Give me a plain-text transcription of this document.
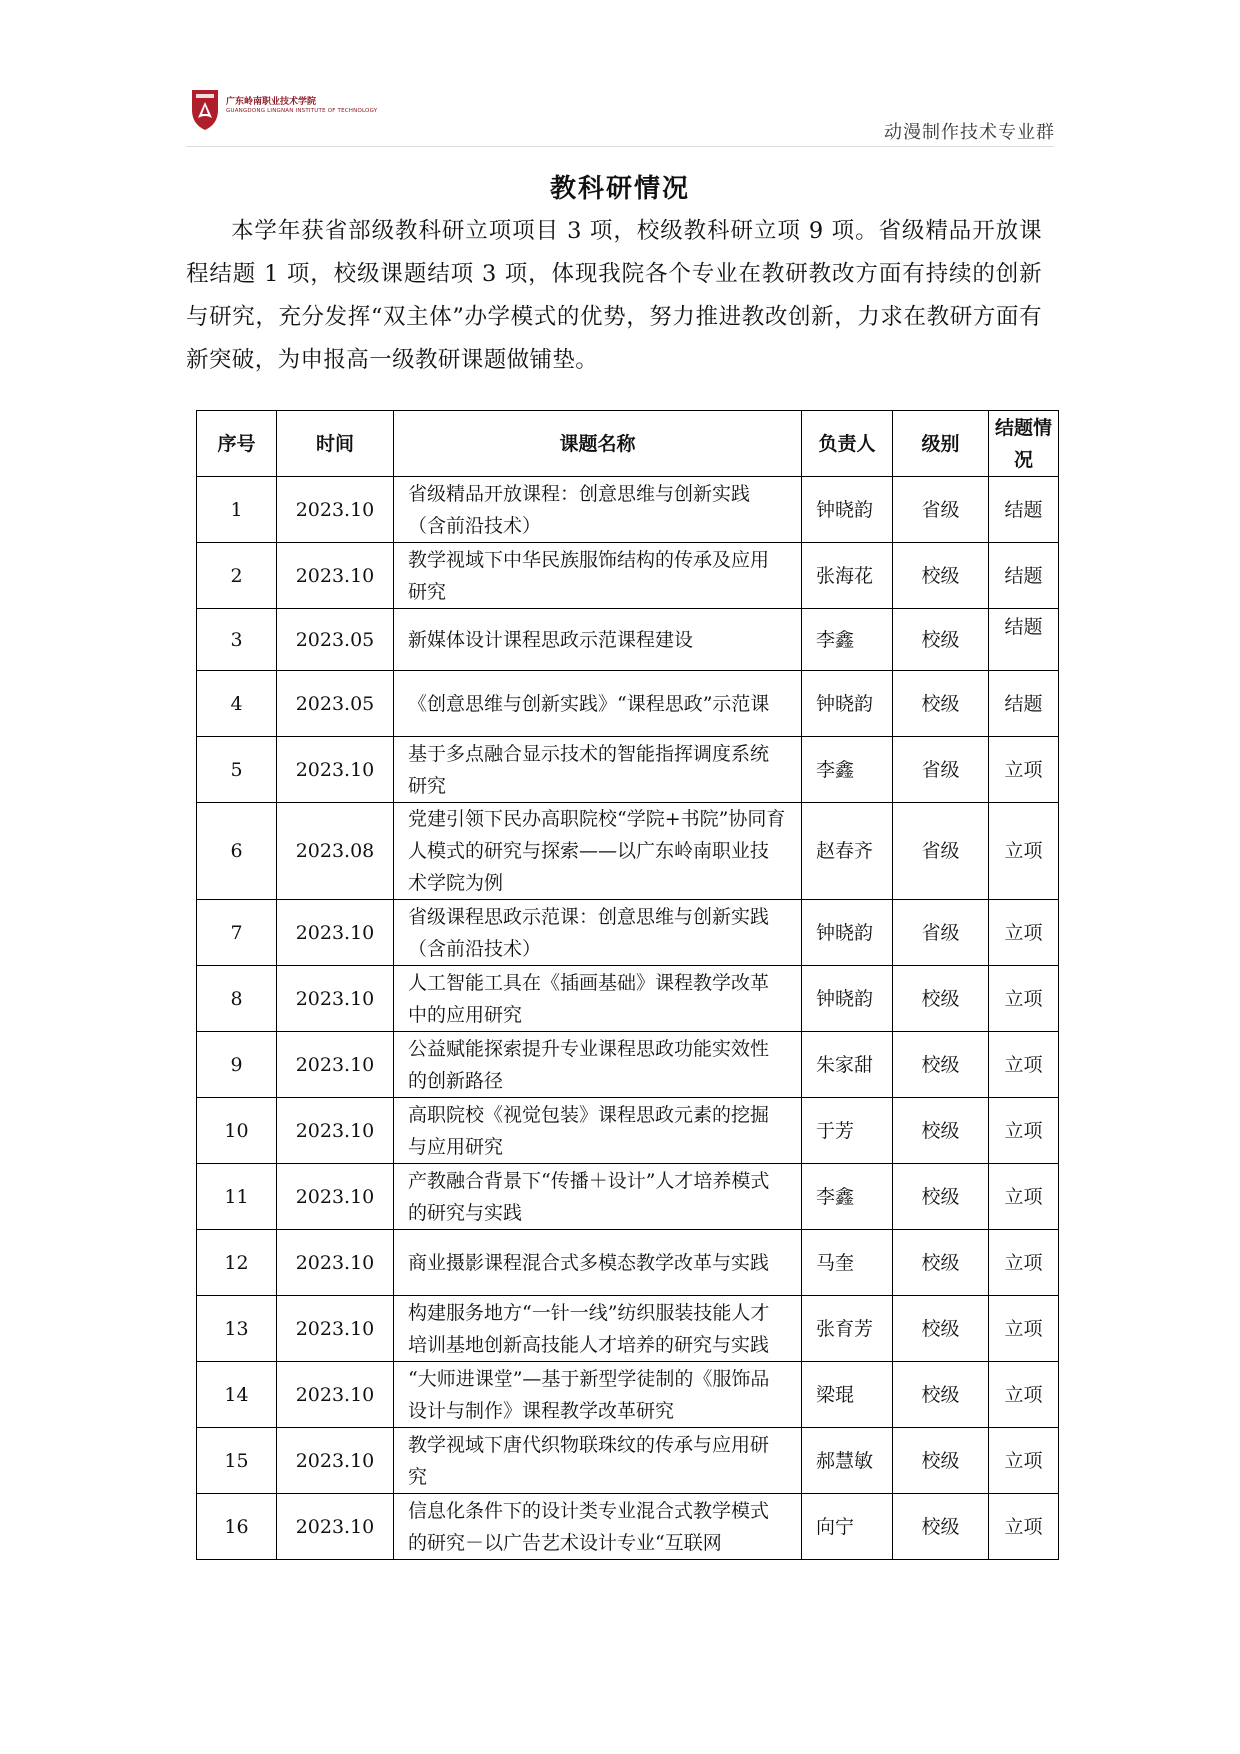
广东岭南职业技术学院
GUANGDONG LINGNAN INSTITUTE OF TECHNOLOGY
动漫制作技术专业群
教科研情况

本学年获省部级教科研立项项目 3 项，校级教科研立项 9 项。省级精品开放课程结题 1 项，校级课题结项 3 项，体现我院各个专业在教研教改方面有持续的创新与研究，充分发挥“双主体”办学模式的优势，努力推进教改创新，力求在教研方面有新突破，为申报高一级教研课题做铺垫。

序号	时间	课题名称	负责人	级别	结题情况
1	2023.10	省级精品开放课程：创意思维与创新实践（含前沿技术）	钟晓韵	省级	结题
2	2023.10	教学视域下中华民族服饰结构的传承及应用研究	张海花	校级	结题
3	2023.05	新媒体设计课程思政示范课程建设	李鑫	校级	结题
4	2023.05	《创意思维与创新实践》“课程思政”示范课	钟晓韵	校级	结题
5	2023.10	基于多点融合显示技术的智能指挥调度系统研究	李鑫	省级	立项
6	2023.08	党建引领下民办高职院校“学院+书院”协同育人模式的研究与探索——以广东岭南职业技术学院为例	赵春齐	省级	立项
7	2023.10	省级课程思政示范课：创意思维与创新实践（含前沿技术）	钟晓韵	省级	立项
8	2023.10	人工智能工具在《插画基础》课程教学改革 中的应用研究	钟晓韵	校级	立项
9	2023.10	公益赋能探索提升专业课程思政功能实效性的创新路径	朱家甜	校级	立项
10	2023.10	高职院校《视觉包装》课程思政元素的挖掘 与应用研究	于芳	校级	立项
11	2023.10	产教融合背景下“传播＋设计”人才培养模式的研究与实践	李鑫	校级	立项
12	2023.10	商业摄影课程混合式多模态教学改革与实践	马奎	校级	立项
13	2023.10	构建服务地方“一针一线”纺织服装技能人才培训基地创新高技能人才培养的研究与实践	张育芳	校级	立项
14	2023.10	“大师进课堂”—基于新型学徒制的《服饰品设计与制作》课程教学改革研究	梁琨	校级	立项
15	2023.10	教学视域下唐代织物联珠纹的传承与应用研究	郝慧敏	校级	立项
16	2023.10	信息化条件下的设计类专业混合式教学模式的研究－以广告艺术设计专业“互联网	向宁	校级	立项
